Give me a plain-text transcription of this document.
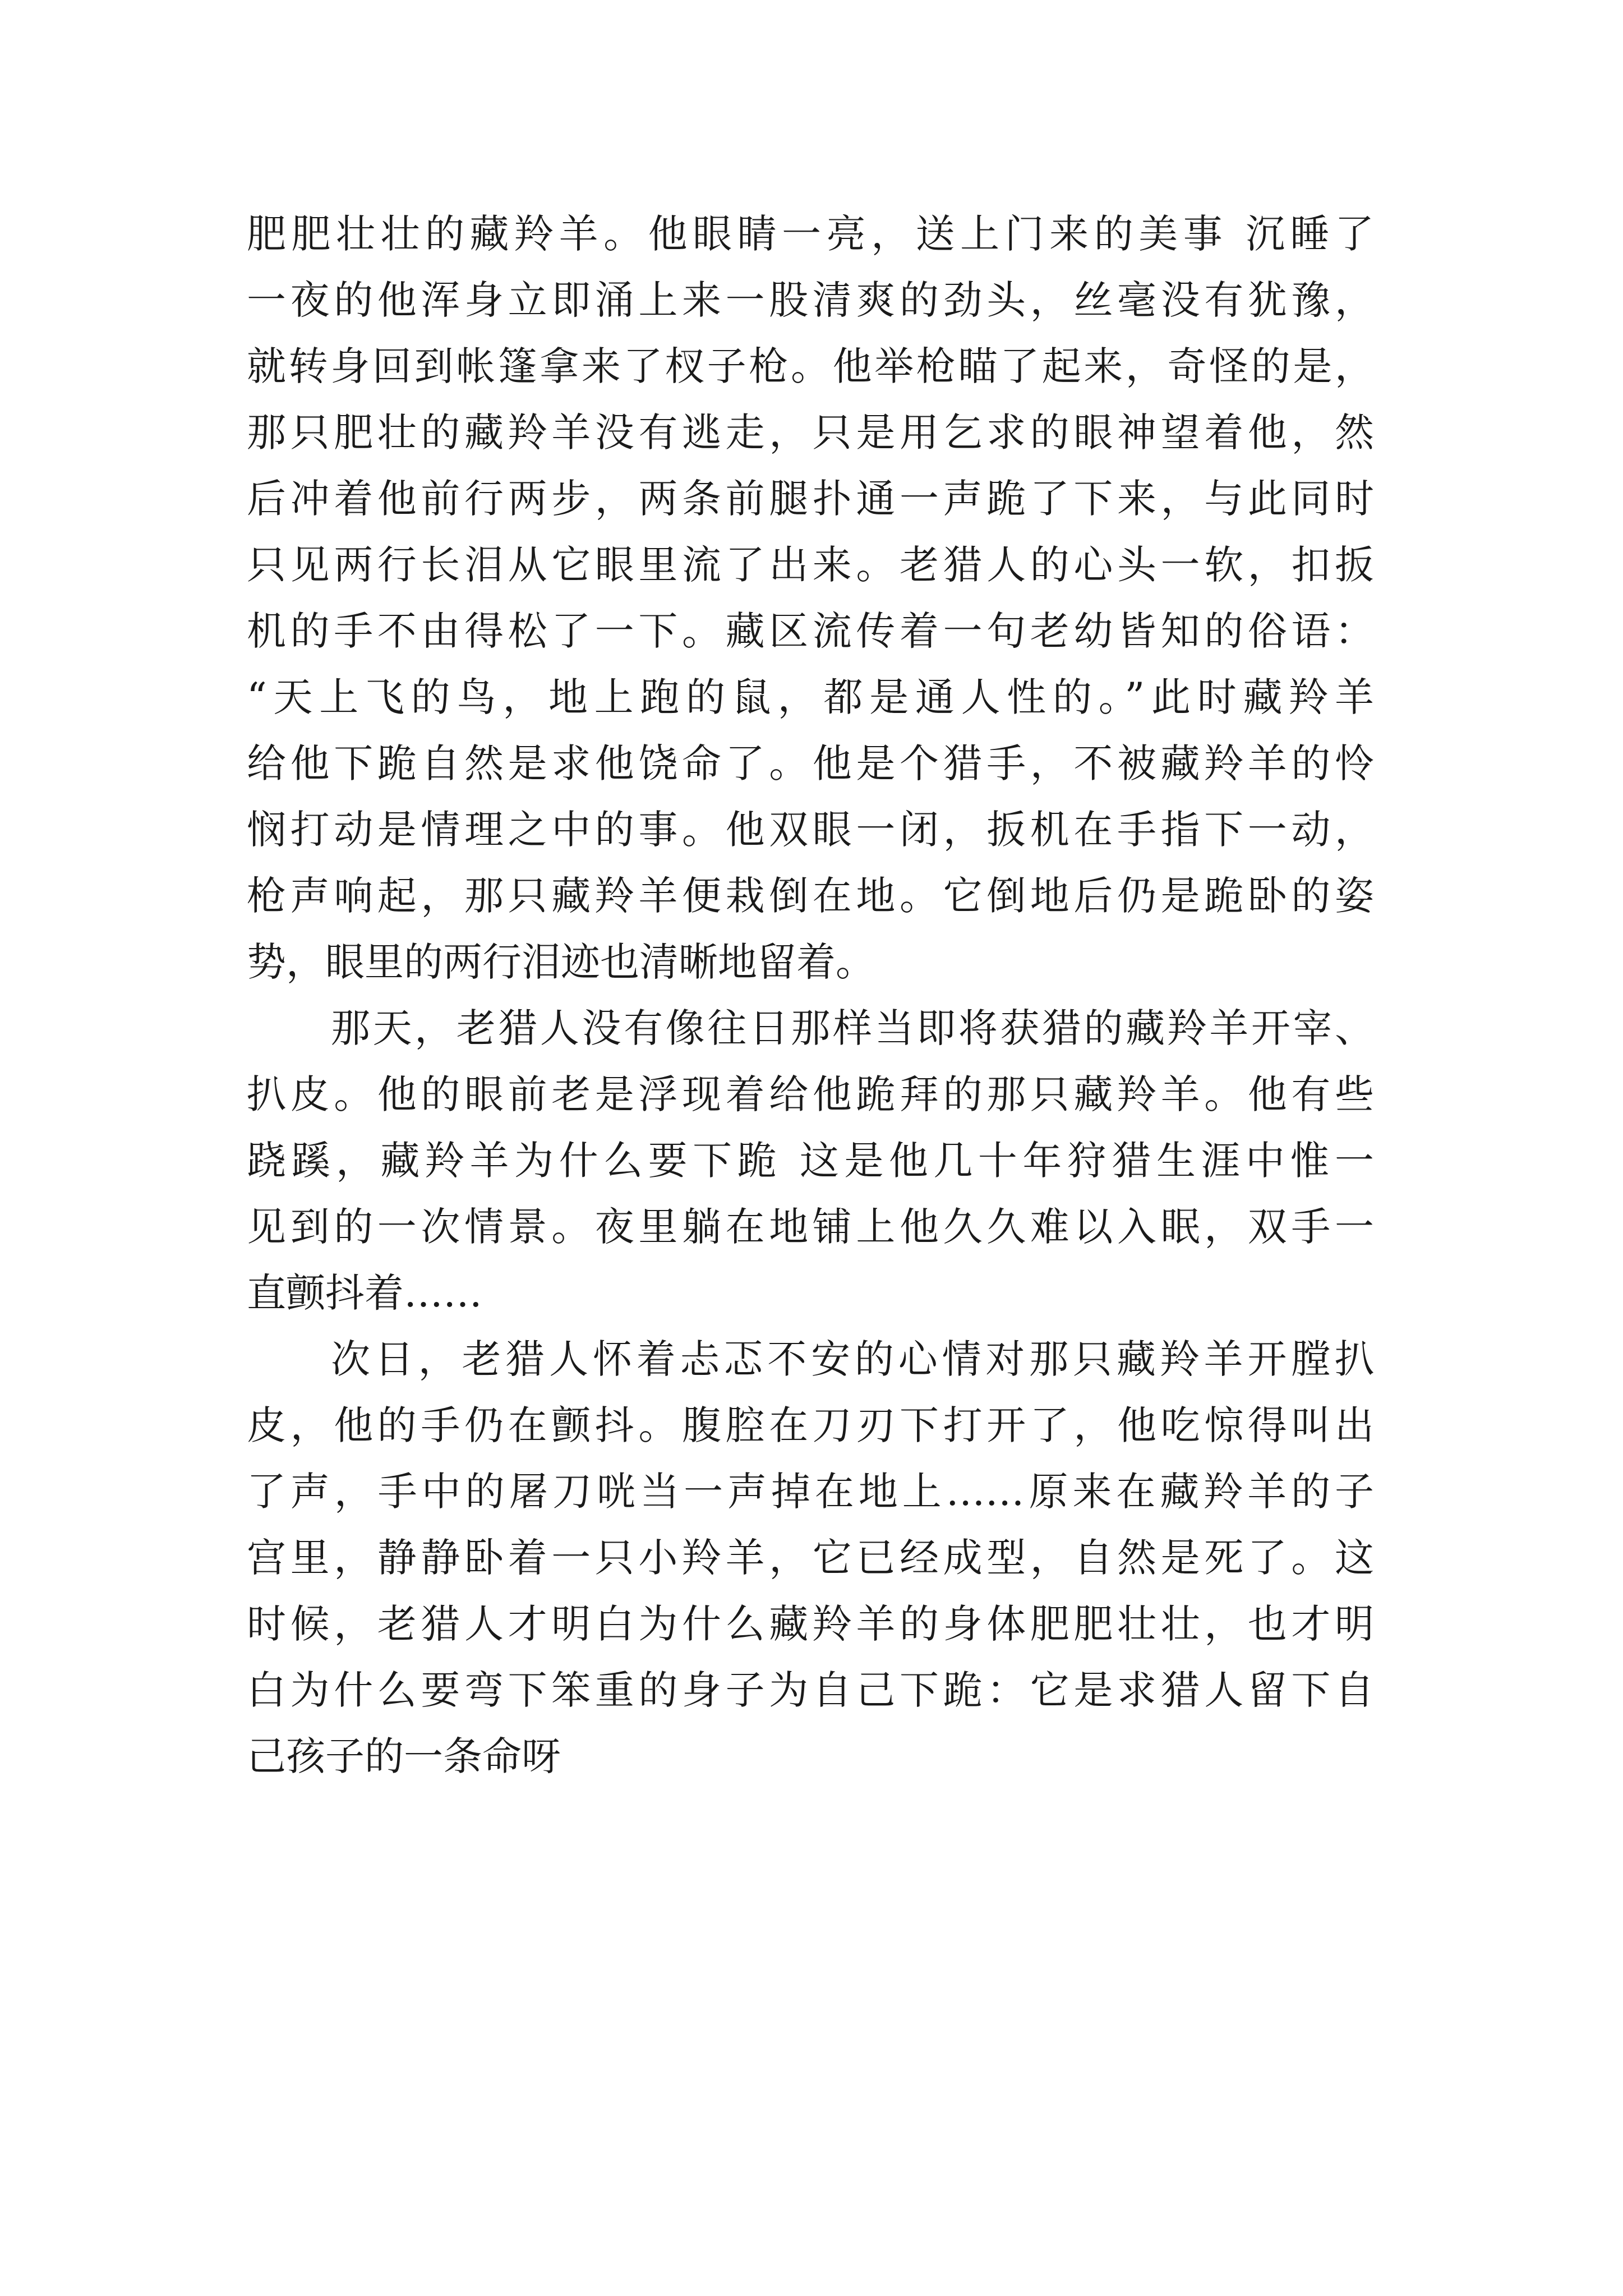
肥肥壮壮的藏羚羊。他眼睛一亮，送上门来的美事 沉睡了
一夜的他浑身立即涌上来一股清爽的劲头，丝毫没有犹豫，
就转身回到帐篷拿来了杈子枪。他举枪瞄了起来，奇怪的是，
那只肥壮的藏羚羊没有逃走，只是用乞求的眼神望着他，然
后冲着他前行两步，两条前腿扑通一声跪了下来，与此同时
只见两行长泪从它眼里流了出来。老猎人的心头一软，扣扳
机的手不由得松了一下。藏区流传着一句老幼皆知的俗语：
“天上飞的鸟，地上跑的鼠，都是通人性的。”此时藏羚羊
给他下跪自然是求他饶命了。他是个猎手，不被藏羚羊的怜
悯打动是情理之中的事。他双眼一闭，扳机在手指下一动，
枪声响起，那只藏羚羊便栽倒在地。它倒地后仍是跪卧的姿
势，眼里的两行泪迹也清晰地留着。
那天，老猎人没有像往日那样当即将获猎的藏羚羊开宰、
扒皮。他的眼前老是浮现着给他跪拜的那只藏羚羊。他有些
跷蹊，藏羚羊为什么要下跪 这是他几十年狩猎生涯中惟一
见到的一次情景。夜里躺在地铺上他久久难以入眠，双手一
直颤抖着……
次日，老猎人怀着忐忑不安的心情对那只藏羚羊开膛扒
皮，他的手仍在颤抖。腹腔在刀刃下打开了，他吃惊得叫出
了声，手中的屠刀咣当一声掉在地上……原来在藏羚羊的子
宫里，静静卧着一只小羚羊，它已经成型，自然是死了。这
时候，老猎人才明白为什么藏羚羊的身体肥肥壮壮，也才明
白为什么要弯下笨重的身子为自己下跪：它是求猎人留下自
己孩子的一条命呀
